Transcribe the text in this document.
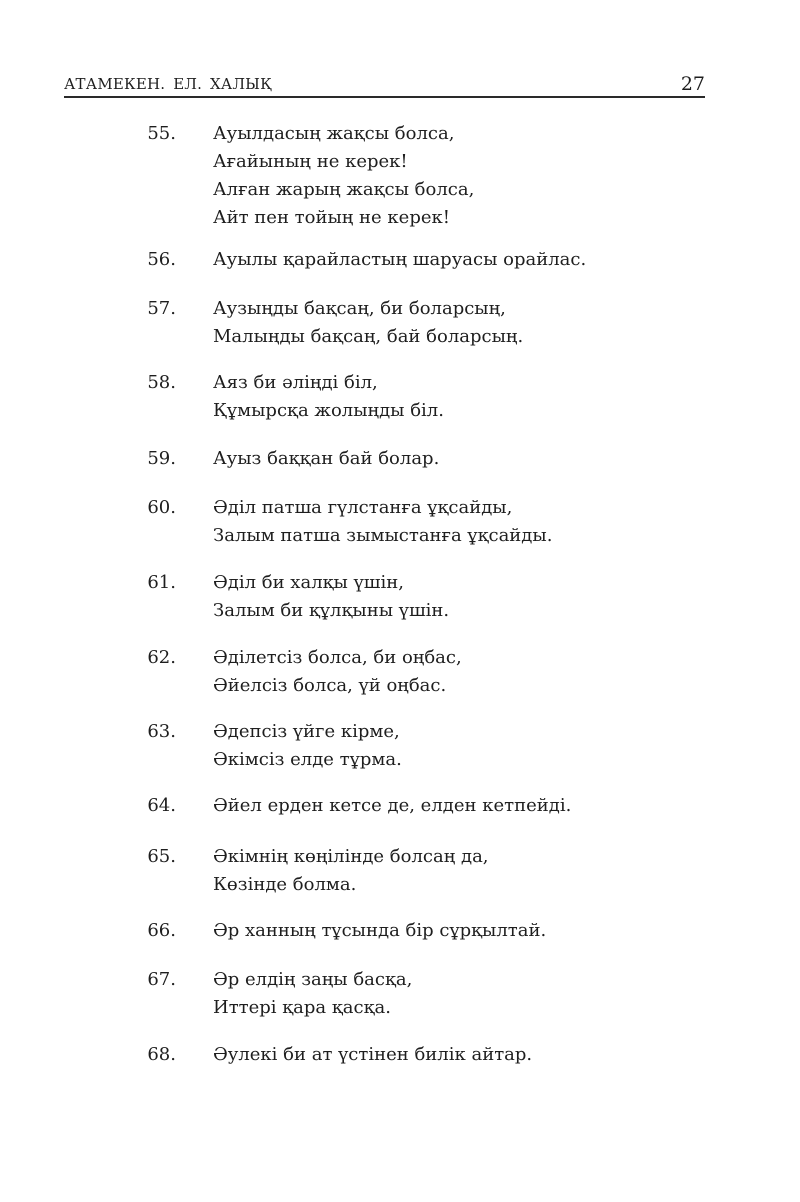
АТАМЕКЕН. ЕЛ. ХАЛЫҚ	27
55. Ауылдасың жақсы болса,
Ағайының не керек!
Алған жарың жақсы болса,
Айт пен тойың не керек!
56. Ауылы қарайластың шаруасы орайлас.
57. Аузыңды бақсаң, би боларсың,
Малыңды бақсаң, бай боларсың.
58. Аяз би әліңді біл,
Құмырсқа жолыңды біл.
59. Ауыз баққан бай болар.
60. Әділ патша гүлстанға ұқсайды,
Залым патша зымыстанға ұқсайды.
61. Әділ би халқы үшін,
Залым би құлқыны үшін.
62. Әділетсіз болса, би оңбас,
Әйелсіз болса, үй оңбас.
63. Әдепсіз үйге кірме,
Әкімсіз елде тұрма.
64. Әйел ерден кетсе де, елден кетпейді.
65. Әкімнің көңілінде болсаң да,
Көзінде болма.
66. Әр ханның тұсында бір сұрқылтай.
67. Әр елдің заңы басқа,
Иттері қара қасқа.
68. Әулекі би ат үстінен билік айтар.
